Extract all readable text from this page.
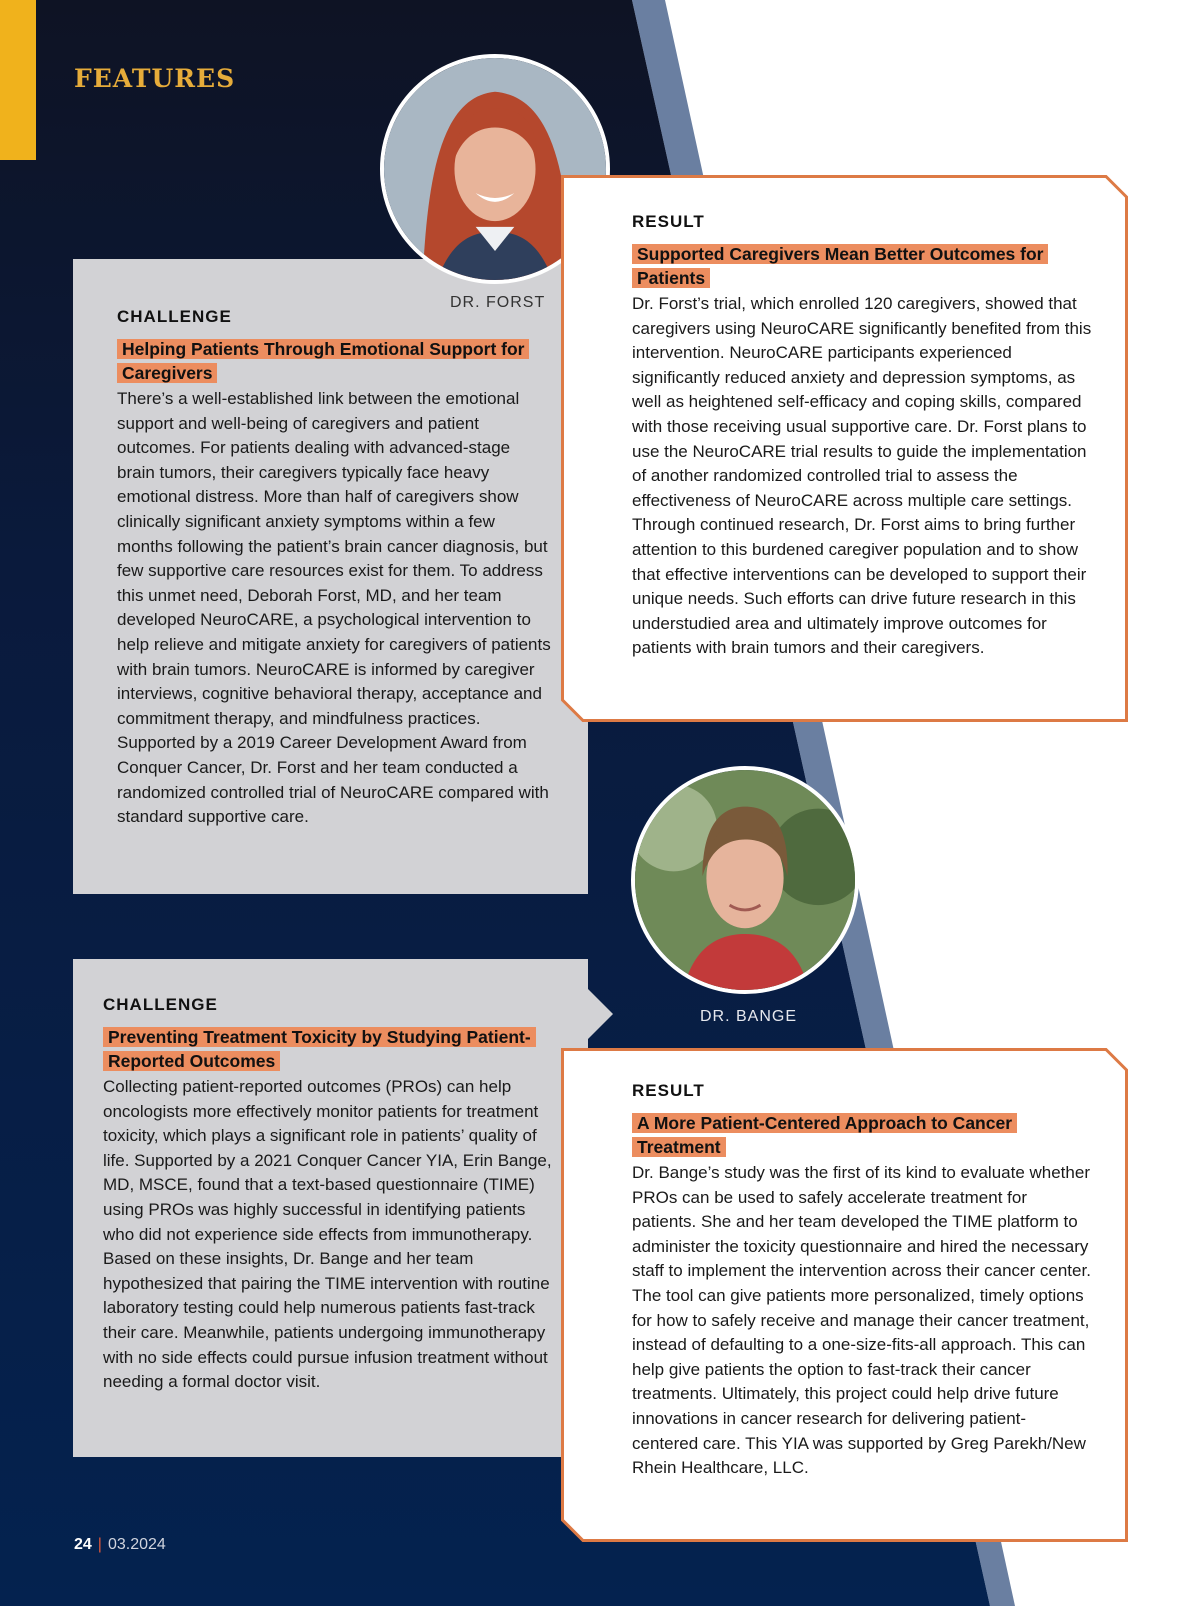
FEATURES

CHALLENGE

Helping Patients Through Emotional Support for Caregivers

There’s a well-established link between the emotional support and well-being of caregivers and patient outcomes. For patients dealing with advanced-stage brain tumors, their caregivers typically face heavy emotional distress. More than half of caregivers show clinically significant anxiety symptoms within a few months following the patient’s brain cancer diagnosis, but few supportive care resources exist for them. To address this unmet need, Deborah Forst, MD, and her team developed NeuroCARE, a psychological intervention to help relieve and mitigate anxiety for caregivers of patients with brain tumors. NeuroCARE is informed by caregiver interviews, cognitive behavioral therapy, acceptance and commitment therapy, and mindfulness practices. Supported by a 2019 Career Development Award from Conquer Cancer, Dr. Forst and her team conducted a randomized controlled trial of NeuroCARE compared with standard supportive care.

DR. FORST

RESULT

Supported Caregivers Mean Better Outcomes for Patients

Dr. Forst’s trial, which enrolled 120 caregivers, showed that caregivers using NeuroCARE significantly benefited from this intervention. NeuroCARE participants experienced significantly reduced anxiety and depression symptoms, as well as heightened self-efficacy and coping skills, compared with those receiving usual supportive care. Dr. Forst plans to use the NeuroCARE trial results to guide the implementation of another randomized controlled trial to assess the effectiveness of NeuroCARE across multiple care settings. Through continued research, Dr. Forst aims to bring further attention to this burdened caregiver population and to show that effective interventions can be developed to support their unique needs. Such efforts can drive future research in this understudied area and ultimately improve outcomes for patients with brain tumors and their caregivers.

CHALLENGE

Preventing Treatment Toxicity by Studying Patient-Reported Outcomes

Collecting patient-reported outcomes (PROs) can help oncologists more effectively monitor patients for treatment toxicity, which plays a significant role in patients’ quality of life. Supported by a 2021 Conquer Cancer YIA, Erin Bange, MD, MSCE, found that a text-based questionnaire (TIME) using PROs was highly successful in identifying patients who did not experience side effects from immunotherapy. Based on these insights, Dr. Bange and her team hypothesized that pairing the TIME intervention with routine laboratory testing could help numerous patients fast-track their care. Meanwhile, patients undergoing immunotherapy with no side effects could pursue infusion treatment without needing a formal doctor visit.

DR. BANGE

RESULT

A More Patient-Centered Approach to Cancer Treatment

Dr. Bange’s study was the first of its kind to evaluate whether PROs can be used to safely accelerate treatment for patients. She and her team developed the TIME platform to administer the toxicity questionnaire and hired the necessary staff to implement the intervention across their cancer center. The tool can give patients more personalized, timely options for how to safely receive and manage their cancer treatment, instead of defaulting to a one-size-fits-all approach. This can help give patients the option to fast-track their cancer treatments. Ultimately, this project could help drive future innovations in cancer research for delivering patient-centered care. This YIA was supported by Greg Parekh/New Rhein Healthcare, LLC.

24 | 03.2024
